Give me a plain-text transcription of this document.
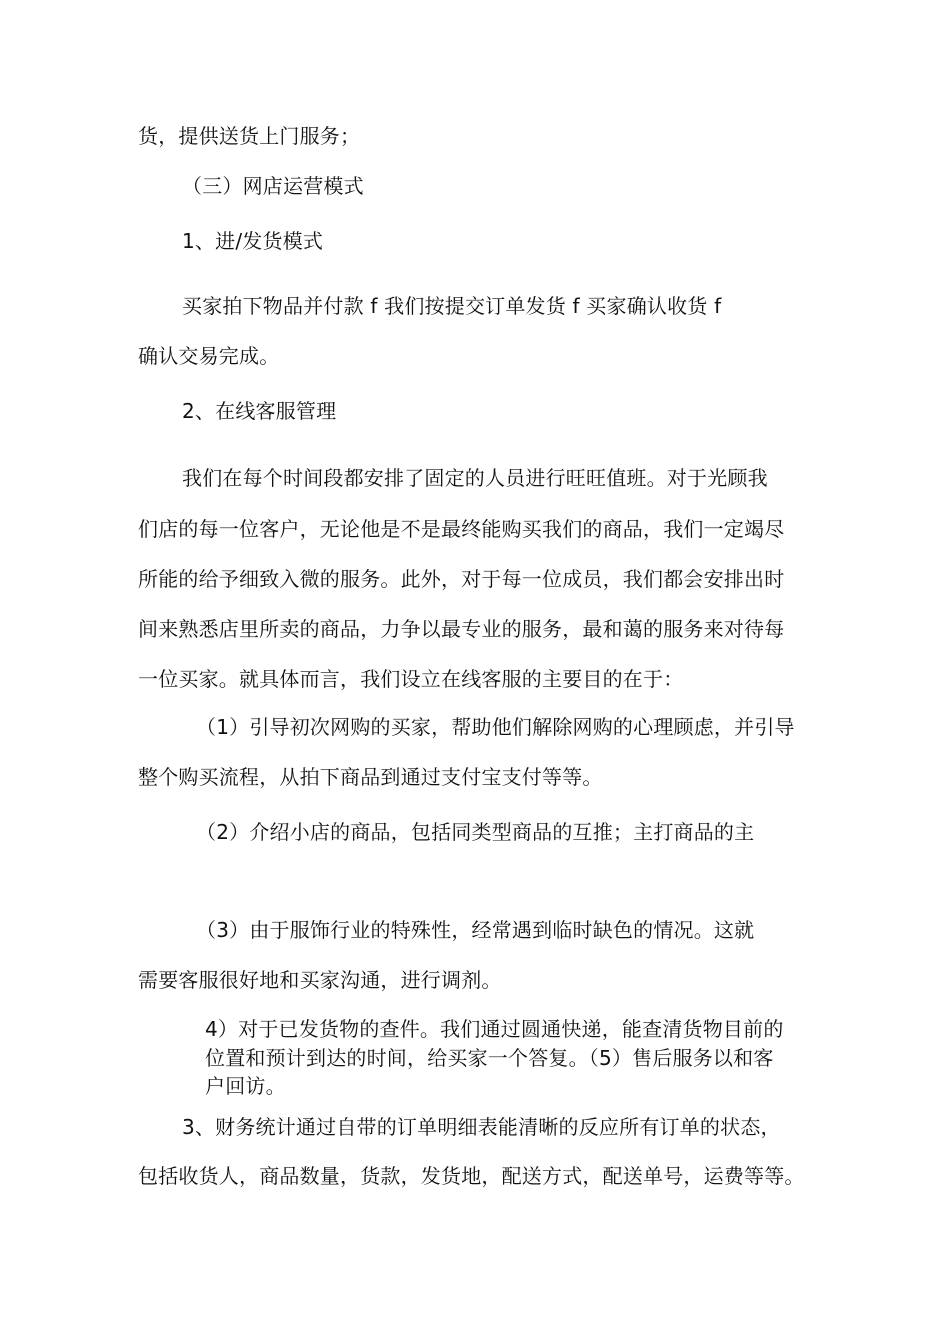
货，提供送货上门服务；

（三）网店运营模式

1、进/发货模式

买家拍下物品并付款 f 我们按提交订单发货 f 买家确认收货 f

确认交易完成。

2、在线客服管理

我们在每个时间段都安排了固定的人员进行旺旺值班。对于光顾我

们店的每一位客户，无论他是不是最终能购买我们的商品，我们一定竭尽

所能的给予细致入微的服务。此外，对于每一位成员，我们都会安排出时

间来熟悉店里所卖的商品，力争以最专业的服务，最和蔼的服务来对待每

一位买家。就具体而言，我们设立在线客服的主要目的在于：

（1）引导初次网购的买家，帮助他们解除网购的心理顾虑，并引导

整个购买流程，从拍下商品到通过支付宝支付等等。

（2）介绍小店的商品，包括同类型商品的互推；主打商品的主

（3）由于服饰行业的特殊性，经常遇到临时缺色的情况。这就

需要客服很好地和买家沟通，进行调剂。

4）对于已发货物的查件。我们通过圆通快递，能查清货物目前的

位置和预计到达的时间，给买家一个答复。（5）售后服务以和客

户回访。

3、财务统计通过自带的订单明细表能清晰的反应所有订单的状态，

包括收货人，商品数量，货款，发货地，配送方式，配送单号，运费等等。
